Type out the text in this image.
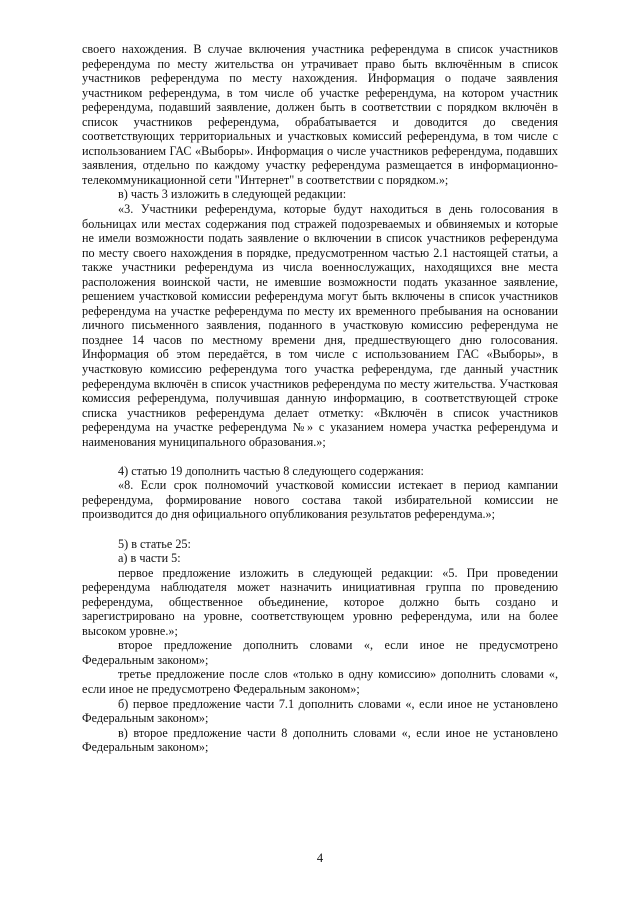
своего нахождения. В случае включения участника референдума в список участников референдума по месту жительства он утрачивает право быть включённым в список участников референдума по месту нахождения. Информация о подаче заявления участником референдума, в том числе об участке референдума, на котором участник референдума, подавший заявление, должен быть в соответствии с порядком включён в список участников референдума, обрабатывается и доводится до сведения соответствующих территориальных и участковых комиссий референдума, в том числе с использованием ГАС «Выборы». Информация о числе участников референдума, подавших заявления, отдельно по каждому участку референдума размещается в информационно-телекоммуникационной сети "Интернет" в соответствии с порядком.»;

в) часть 3 изложить в следующей редакции:

«3. Участники референдума, которые будут находиться в день голосования в больницах или местах содержания под стражей подозреваемых и обвиняемых и которые не имели возможности подать заявление о включении в список участников референдума по месту своего нахождения в порядке, предусмотренном частью 2.1 настоящей статьи, а также участники референдума из числа военнослужащих, находящихся вне места расположения воинской части, не имевшие возможности подать указанное заявление, решением участковой комиссии референдума могут быть включены в список участников референдума на участке референдума по месту их временного пребывания на основании личного письменного заявления, поданного в участковую комиссию референдума не позднее 14 часов по местному времени дня, предшествующего дню голосования. Информация об этом передаётся, в том числе с использованием ГАС «Выборы», в участковую комиссию референдума того участка референдума, где данный участник референдума включён в список участников референдума по месту жительства. Участковая комиссия референдума, получившая данную информацию, в соответствующей строке списка участников референдума делает отметку: «Включён в список участников референдума на участке референдума №» с указанием номера участка референдума и наименования муниципального образования.»;

4) статью 19 дополнить частью 8 следующего содержания:

«8. Если срок полномочий участковой комиссии истекает в период кампании референдума, формирование нового состава такой избирательной комиссии не производится до дня официального опубликования результатов референдума.»;

5) в статье 25:

а) в части 5:

первое предложение изложить в следующей редакции: «5. При проведении референдума наблюдателя может назначить инициативная группа по проведению референдума, общественное объединение, которое должно быть создано и зарегистрировано на уровне, соответствующем уровню референдума, или на более высоком уровне.»;

второе предложение дополнить словами «, если иное не предусмотрено Федеральным законом»;

третье предложение после слов «только в одну комиссию» дополнить словами «, если иное не предусмотрено Федеральным законом»;

б) первое предложение части 7.1 дополнить словами «, если иное не установлено Федеральным законом»;

в) второе предложение части 8 дополнить словами «, если иное не установлено Федеральным законом»;

4
